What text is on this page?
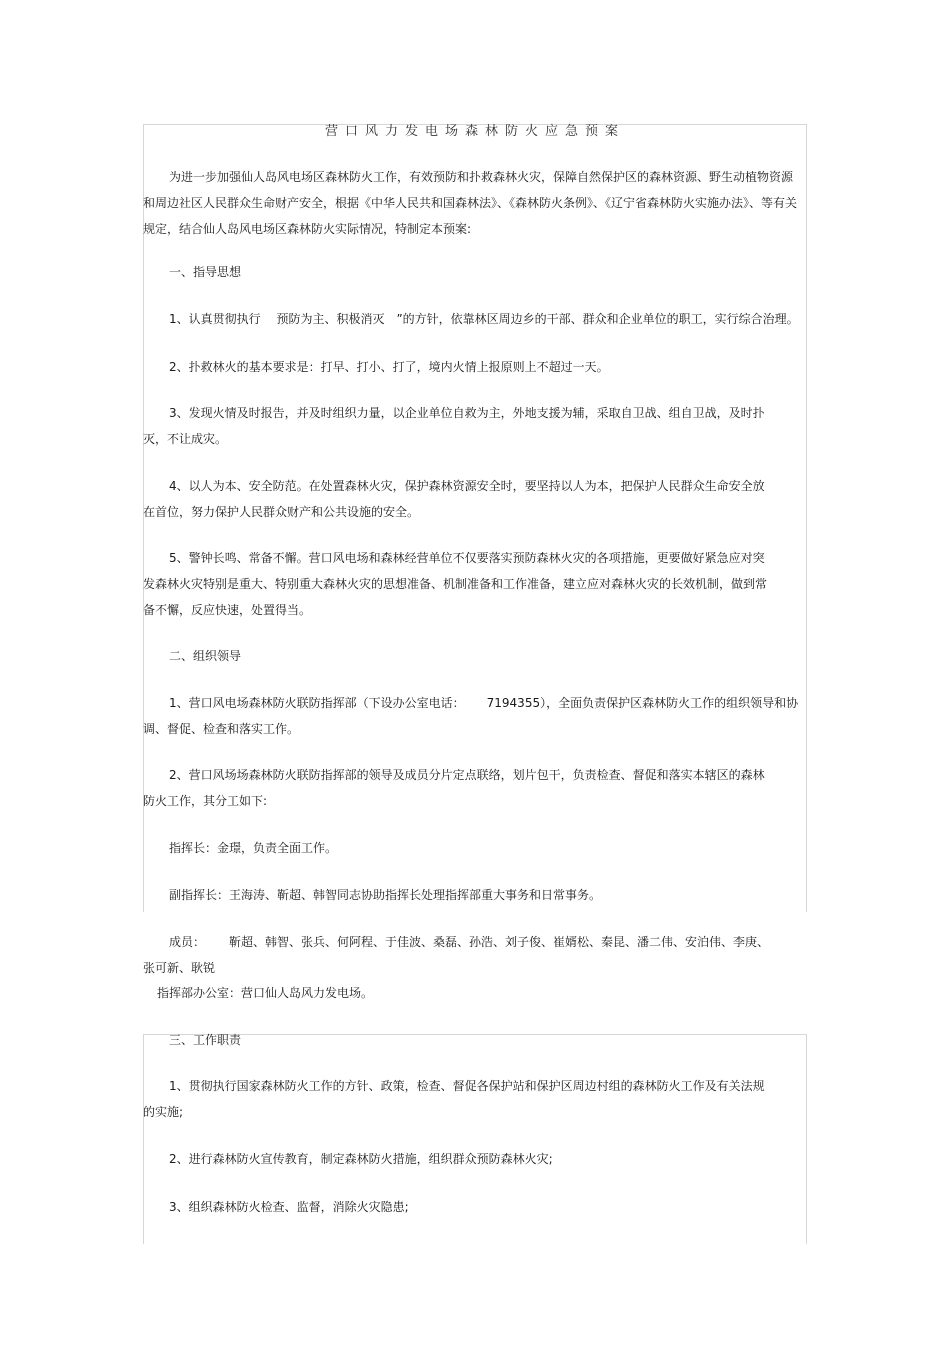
营口风力发电场森林防火应急预案

为进一步加强仙人岛风电场区森林防火工作，有效预防和扑救森林火灾，保障自然保护区的森林资源、野生动植物资源和周边社区人民群众生命财产安全，根据《中华人民共和国森林法》、《森林防火条例》、《辽宁省森林防火实施办法》、等有关规定，结合仙人岛风电场区森林防火实际情况，特制定本预案:

一、指导思想

1、认真贯彻执行　 预防为主、积极消灭　”的方针，依靠林区周边乡的干部、群众和企业单位的职工，实行综合治理。

2、扑救林火的基本要求是：打早、打小、打了，境内火情上报原则上不超过一天。

3、发现火情及时报告，并及时组织力量，以企业单位自救为主，外地支援为辅，采取自卫战、组自卫战，及时扑灭，不让成灾。

4、以人为本、安全防范。在处置森林火灾，保护森林资源安全时，要坚持以人为本，把保护人民群众生命安全放在首位，努力保护人民群众财产和公共设施的安全。

5、警钟长鸣、常备不懈。营口风电场和森林经营单位不仅要落实预防森林火灾的各项措施，更要做好紧急应对突发森林火灾特别是重大、特别重大森林火灾的思想准备、机制准备和工作准备，建立应对森林火灾的长效机制，做到常备不懈，反应快速，处置得当。

二、组织领导

1、营口风电场森林防火联防指挥部（下设办公室电话： 7194355），全面负责保护区森林防火工作的组织领导和协调、督促、检查和落实工作。

2、营口风场场森林防火联防指挥部的领导及成员分片定点联络，划片包干，负责检查、督促和落实本辖区的森林防火工作，其分工如下:

指挥长：金璟，负责全面工作。

副指挥长：王海涛、靳超、韩智同志协助指挥长处理指挥部重大事务和日常事务。

成员： 靳超、韩智、张兵、何阿程、于佳波、桑磊、孙浩、刘子俊、崔婿松、秦昆、潘二伟、安泊伟、李庚、张可新、耿锐

指挥部办公室：营口仙人岛风力发电场。

三、工作职责

1、贯彻执行国家森林防火工作的方针、政策，检查、督促各保护站和保护区周边村组的森林防火工作及有关法规的实施;

2、进行森林防火宣传教育，制定森林防火措施，组织群众预防森林火灾;

3、组织森林防火检查、监督，消除火灾隐患;
